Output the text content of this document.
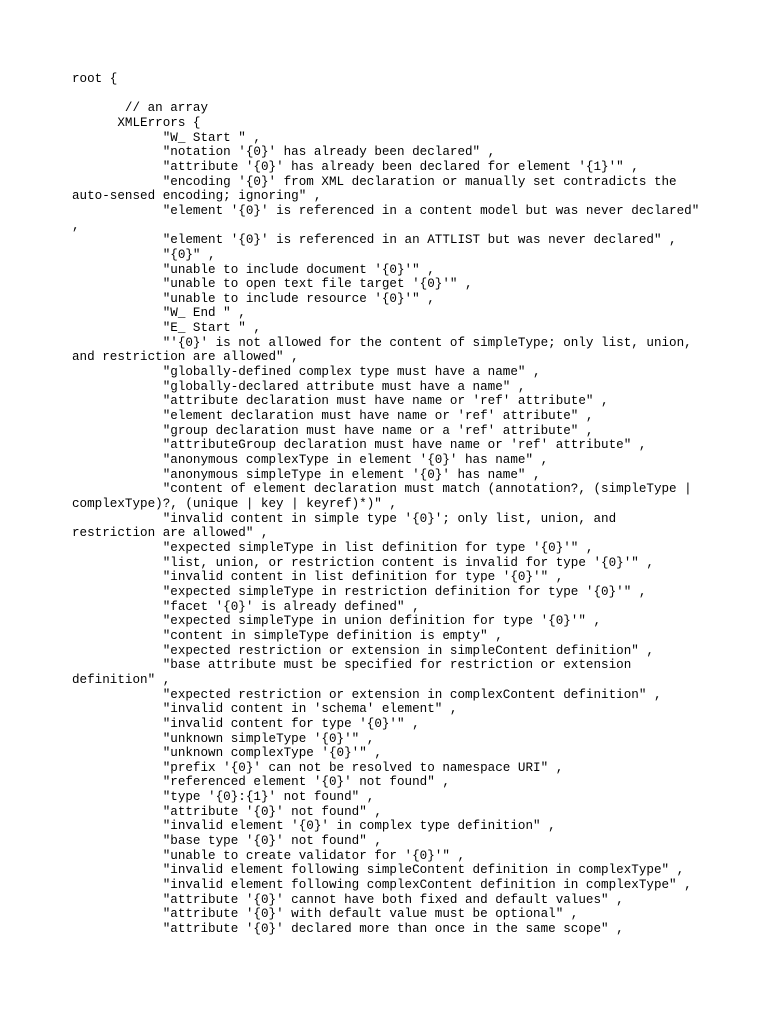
root {
// an array
XMLErrors {
"W_ Start " ,
"notation '{0}' has already been declared" ,
"attribute '{0}' has already been declared for element '{1}'" ,
"encoding '{0}' from XML declaration or manually set contradicts the auto-sensed encoding; ignoring" ,
"element '{0}' is referenced in a content model but was never declared" ,
"element '{0}' is referenced in an ATTLIST but was never declared" ,
"{0}" ,
"unable to include document '{0}'" ,
"unable to open text file target '{0}'" ,
"unable to include resource '{0}'" ,
"W_ End " ,
"E_ Start " ,
"'{0}' is not allowed for the content of simpleType; only list, union, and restriction are allowed" ,
"globally-defined complex type must have a name" ,
"globally-declared attribute must have a name" ,
"attribute declaration must have name or 'ref' attribute" ,
"element declaration must have name or 'ref' attribute" ,
"group declaration must have name or a 'ref' attribute" ,
"attributeGroup declaration must have name or 'ref' attribute" ,
"anonymous complexType in element '{0}' has name" ,
"anonymous simpleType in element '{0}' has name" ,
"content of element declaration must match (annotation?, (simpleType | complexType)?, (unique | key | keyref)*)" ,
"invalid content in simple type '{0}'; only list, union, and restriction are allowed" ,
"expected simpleType in list definition for type '{0}'" ,
"list, union, or restriction content is invalid for type '{0}'" ,
"invalid content in list definition for type '{0}'" ,
"expected simpleType in restriction definition for type '{0}'" ,
"facet '{0}' is already defined" ,
"expected simpleType in union definition for type '{0}'" ,
"content in simpleType definition is empty" ,
"expected restriction or extension in simpleContent definition" ,
"base attribute must be specified for restriction or extension definition" ,
"expected restriction or extension in complexContent definition" ,
"invalid content in 'schema' element" ,
"invalid content for type '{0}'" ,
"unknown simpleType '{0}'" ,
"unknown complexType '{0}'" ,
"prefix '{0}' can not be resolved to namespace URI" ,
"referenced element '{0}' not found" ,
"type '{0}:{1}' not found" ,
"attribute '{0}' not found" ,
"invalid element '{0}' in complex type definition" ,
"base type '{0}' not found" ,
"unable to create validator for '{0}'" ,
"invalid element following simpleContent definition in complexType" ,
"invalid element following complexContent definition in complexType" ,
"attribute '{0}' cannot have both fixed and default values" ,
"attribute '{0}' with default value must be optional" ,
"attribute '{0}' declared more than once in the same scope" ,
